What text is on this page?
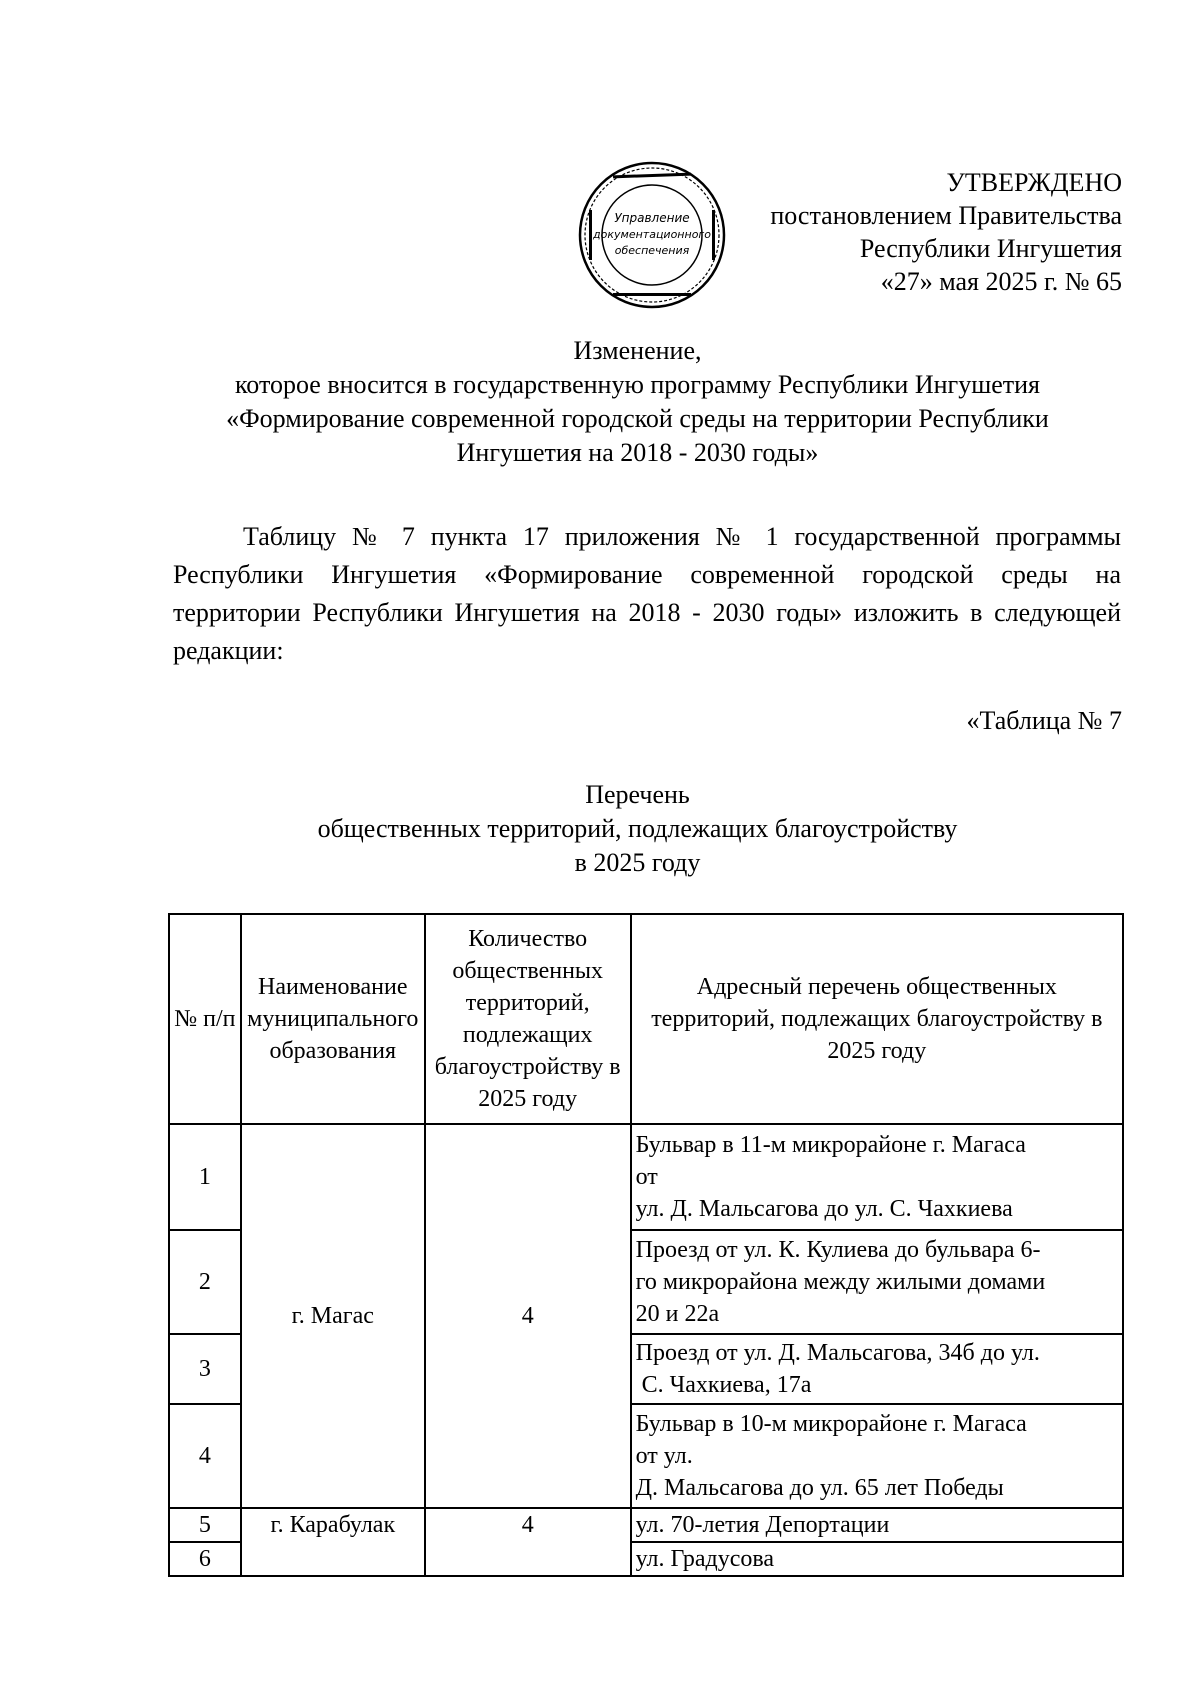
УТВЕРЖДЕНО
постановлением Правительства
Республики Ингушетия
«27» мая 2025 г. № 65
Управление
документационного
обеспечения
Изменение,
которое вносится в государственную программу Республики Ингушетия
«Формирование современной городской среды на территории Республики
Ингушетия на 2018 - 2030 годы»
Таблицу № 7 пункта 17 приложения № 1 государственной программы Республики Ингушетия «Формирование современной городской среды на территории Республики Ингушетия на 2018 - 2030 годы» изложить в следующей редакции:
«Таблица № 7
Перечень
общественных территорий, подлежащих благоустройству
в 2025 году
№ п/п	Наименование муниципального образования	Количество общественных территорий, подлежащих благоустройству в 2025 году	Адресный перечень общественных территорий, подлежащих благоустройству в 2025 году
1	г. Магас	4	Бульвар в 11-м микрорайоне г. Магаса
от
ул. Д. Мальсагова до ул. С. Чахкиева

2			Проезд от ул. К. Кулиева до бульвара 6-
го микрорайона между жилыми домами
20 и 22а

3			Проезд от ул. Д. Мальсагова, 34б до ул.
С. Чахкиева, 17а

4			Бульвар в 10-м микрорайоне г. Магаса
от ул.
Д. Мальсагова до ул. 65 лет Победы

5	г. Карабулак	4	ул. 70-летия Депортации

6			ул. Градусова
